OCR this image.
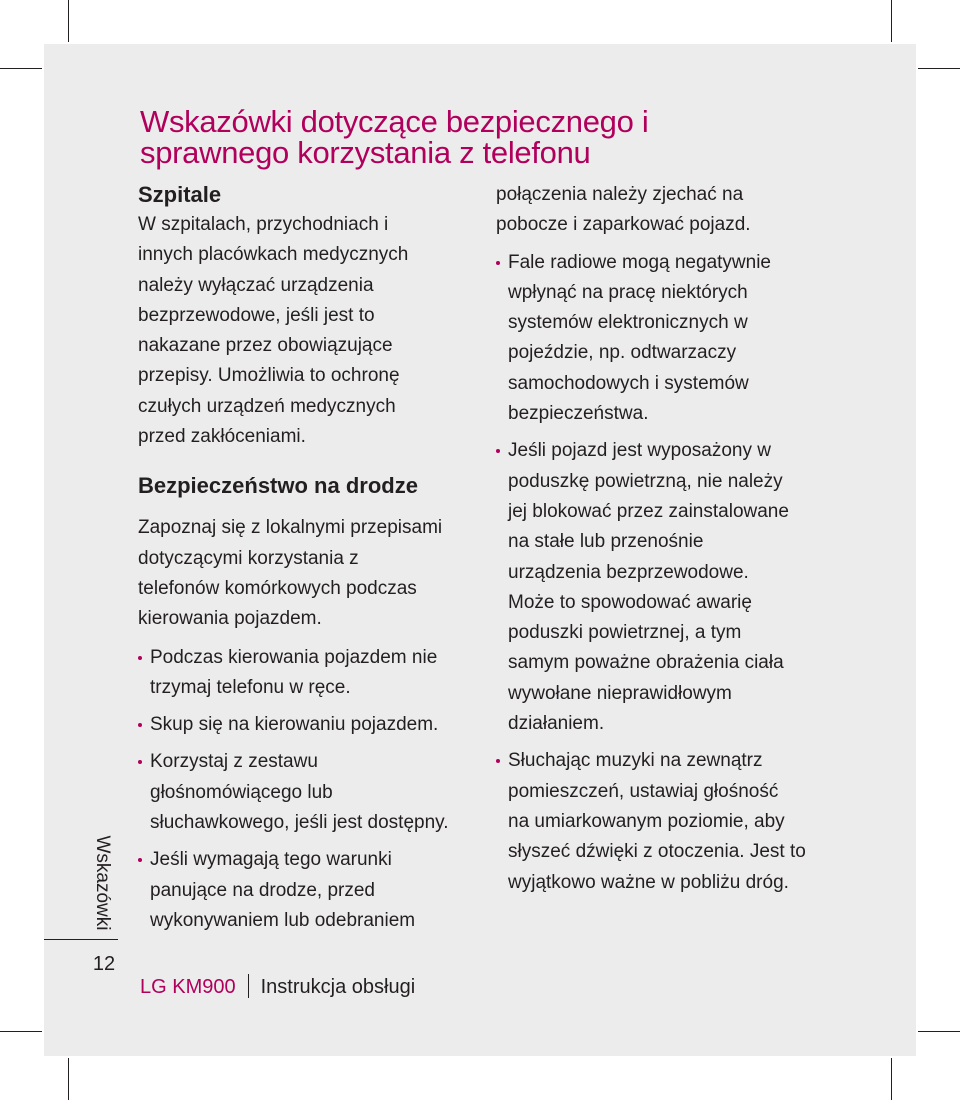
Wskazówki dotyczące bezpiecznego i
sprawnego korzystania z telefonu
Wskazówki
12
Szpitale

W szpitalach, przychodniach i
innych placówkach medycznych
należy wyłączać urządzenia
bezprzewodowe, jeśli jest to
nakazane przez obowiązujące
przepisy. Umożliwia to ochronę
czułych urządzeń medycznych
przed zakłóceniami.

Bezpieczeństwo na drodze

Zapoznaj się z lokalnymi przepisami
dotyczącymi korzystania z
telefonów komórkowych podczas
kierowania pojazdem.

Podczas kierowania pojazdem nie
trzymaj telefonu w ręce.
Skup się na kierowaniu pojazdem.
Korzystaj z zestawu
głośnomówiącego lub
słuchawkowego, jeśli jest dostępny.
Jeśli wymagają tego warunki
panujące na drodze, przed
wykonywaniem lub odebraniem

połączenia należy zjechać na
pobocze i zaparkować pojazd.

Fale radiowe mogą negatywnie
wpłynąć na pracę niektórych
systemów elektronicznych w
pojeździe, np. odtwarzaczy
samochodowych i systemów
bezpieczeństwa.
Jeśli pojazd jest wyposażony w
poduszkę powietrzną, nie należy
jej blokować przez zainstalowane
na stałe lub przenośnie
urządzenia bezprzewodowe.
Może to spowodować awarię
poduszki powietrznej, a tym
samym poważne obrażenia ciała
wywołane nieprawidłowym
działaniem.
Słuchając muzyki na zewnątrz
pomieszczeń, ustawiaj głośność
na umiarkowanym poziomie, aby
słyszeć dźwięki z otoczenia. Jest to
wyjątkowo ważne w pobliżu dróg.
LG KM900 Instrukcja obsługi
